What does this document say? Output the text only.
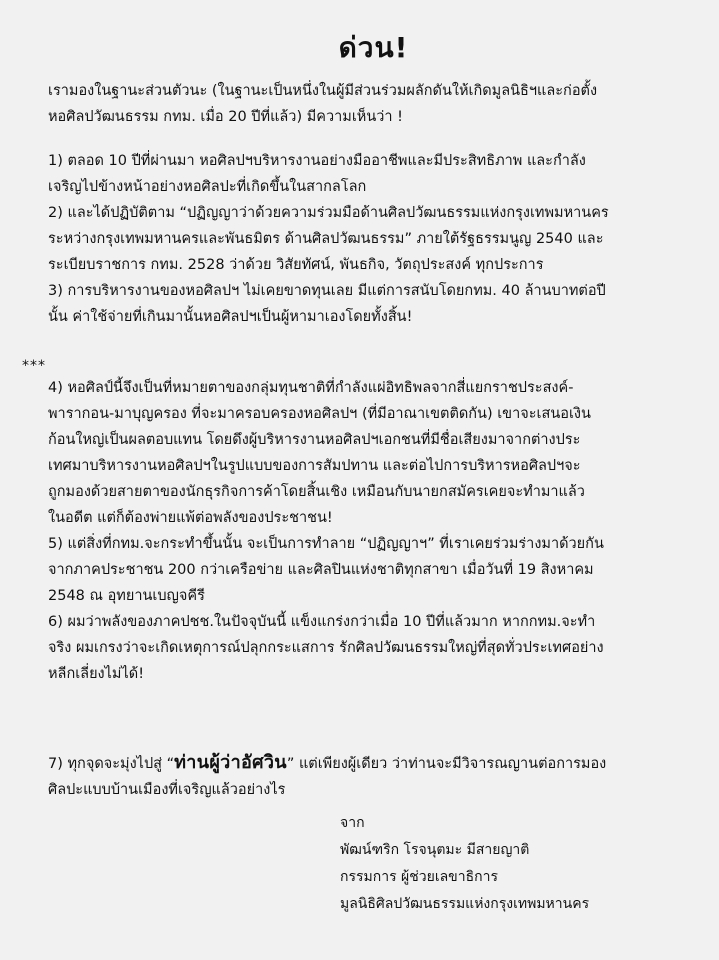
ด่วน!
เรามองในฐานะส่วนตัวนะ (ในฐานะเป็นหนึ่งในผู้มีส่วนร่วมผลักดันให้เกิดมูลนิธิฯและก่อตั้ง
หอศิลปวัฒนธรรม กทม. เมื่อ 20 ปีที่แล้ว) มีความเห็นว่า !
1) ตลอด 10 ปีที่ผ่านมา หอศิลปฯบริหารงานอย่างมืออาชีพและมีประสิทธิภาพ และกำลัง
เจริญไปข้างหน้าอย่างหอศิลปะที่เกิดขึ้นในสากลโลก
2) และได้ปฏิบัติตาม “ปฏิญญาว่าด้วยความร่วมมือด้านศิลปวัฒนธรรมแห่งกรุงเทพมหานคร
ระหว่างกรุงเทพมหานครและพันธมิตร ด้านศิลปวัฒนธรรม” ภายใต้รัฐธรรมนูญ 2540 และ
ระเบียบราชการ กทม. 2528 ว่าด้วย วิสัยทัศน์, พันธกิจ, วัตถุประสงค์ ทุกประการ
3) การบริหารงานของหอศิลปฯ ไม่เคยขาดทุนเลย มีแต่การสนับโดยกทม. 40 ล้านบาทต่อปี
นั้น ค่าใช้จ่ายที่เกินมานั้นหอศิลปฯเป็นผู้หามาเองโดยทั้งสิ้น!
***
4) หอศิลป์นี้จึงเป็นที่หมายตาของกลุ่มทุนชาติที่กำลังแผ่อิทธิพลจากสี่แยกราชประสงค์-
พารากอน-มาบุญครอง ที่จะมาครอบครองหอศิลปฯ (ที่มีอาณาเขตติดกัน) เขาจะเสนอเงิน
ก้อนใหญ่เป็นผลตอบแทน โดยดึงผู้บริหารงานหอศิลปฯเอกชนที่มีชื่อเสียงมาจากต่างประ
เทศมาบริหารงานหอศิลปฯในรูปแบบของการสัมปทาน และต่อไปการบริหารหอศิลปฯจะ
ถูกมองด้วยสายตาของนักธุรกิจการค้าโดยสิ้นเชิง เหมือนกับนายกสมัครเคยจะทำมาแล้ว
ในอดีต แต่ก็ต้องพ่ายแพ้ต่อพลังของประชาชน!
5) แต่สิ่งที่กทม.จะกระทำขึ้นนั้น จะเป็นการทำลาย “ปฏิญญาฯ” ที่เราเคยร่วมร่างมาด้วยกัน
จากภาคประชาชน 200 กว่าเครือข่าย และศิลปินแห่งชาติทุกสาขา เมื่อวันที่ 19 สิงหาคม
2548 ณ อุทยานเบญจคีรี
6) ผมว่าพลังของภาคปชช.ในปัจจุบันนี้ แข็งแกร่งกว่าเมื่อ 10 ปีที่แล้วมาก หากกทม.จะทำ
จริง ผมเกรงว่าจะเกิดเหตุการณ์ปลุกกระแสการ รักศิลปวัฒนธรรมใหญ่ที่สุดทั่วประเทศอย่าง
หลีกเลี่ยงไม่ได้!
7) ทุกจุดจะมุ่งไปสู่ “ท่านผู้ว่าอัศวิน” แต่เพียงผู้เดียว ว่าท่านจะมีวิจารณญานต่อการมอง
ศิลปะแบบบ้านเมืองที่เจริญแล้วอย่างไร
จาก
พัฒน์ฑริก โรจนุตมะ มีสายญาติ
กรรมการ ผู้ช่วยเลขาธิการ
มูลนิธิศิลปวัฒนธรรมแห่งกรุงเทพมหานคร
